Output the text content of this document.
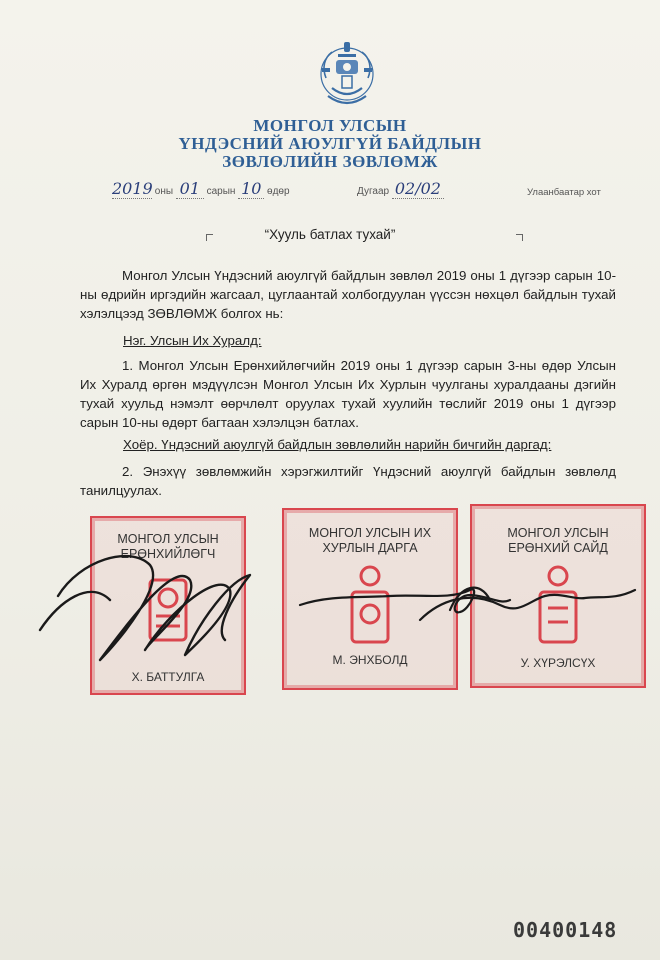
МОНГОЛ УЛСЫН
ҮНДЭСНИЙ АЮУЛГҮЙ БАЙДЛЫН
ЗӨВЛӨЛИЙН ЗӨВЛӨМЖ
2019 оны 01 сарын 10 өдөр	Дугаар 02/02	Улаанбаатар хот
“Хууль батлах тухай”
Монгол Улсын Үндэсний аюулгүй байдлын зөвлөл 2019 оны 1 дүгээр сарын 10-ны өдрийн иргэдийн жагсаал, цуглаантай холбогдуулан үүссэн нөхцөл байдлын тухай хэлэлцээд ЗӨВЛӨМЖ болгох нь:
Нэг. Улсын Их Хуралд:
1. Монгол Улсын Ерөнхийлөгчийн 2019 оны 1 дүгээр сарын 3-ны өдөр Улсын Их Хуралд өргөн мэдүүлсэн Монгол Улсын Их Хурлын чуулганы хуралдааны дэгийн тухай хуульд нэмэлт өөрчлөлт оруулах тухай хуулийн төслийг 2019 оны 1 дүгээр сарын 10-ны өдөрт багтаан хэлэлцэн батлах.
Хоёр. Үндэсний аюулгүй байдлын зөвлөлийн нарийн бичгийн даргад:
2. Энэхүү зөвлөмжийн хэрэгжилтийг Үндэсний аюулгүй байдлын зөвлөлд танилцуулах.
МОНГОЛ УЛСЫН
ЕРӨНХИЙЛӨГЧ
Х. БАТТУЛГА
МОНГОЛ УЛСЫН ИХ
ХУРЛЫН ДАРГА
М. ЭНХБОЛД
МОНГОЛ УЛСЫН
ЕРӨНХИЙ САЙД
У. ХҮРЭЛСҮХ
00400148
